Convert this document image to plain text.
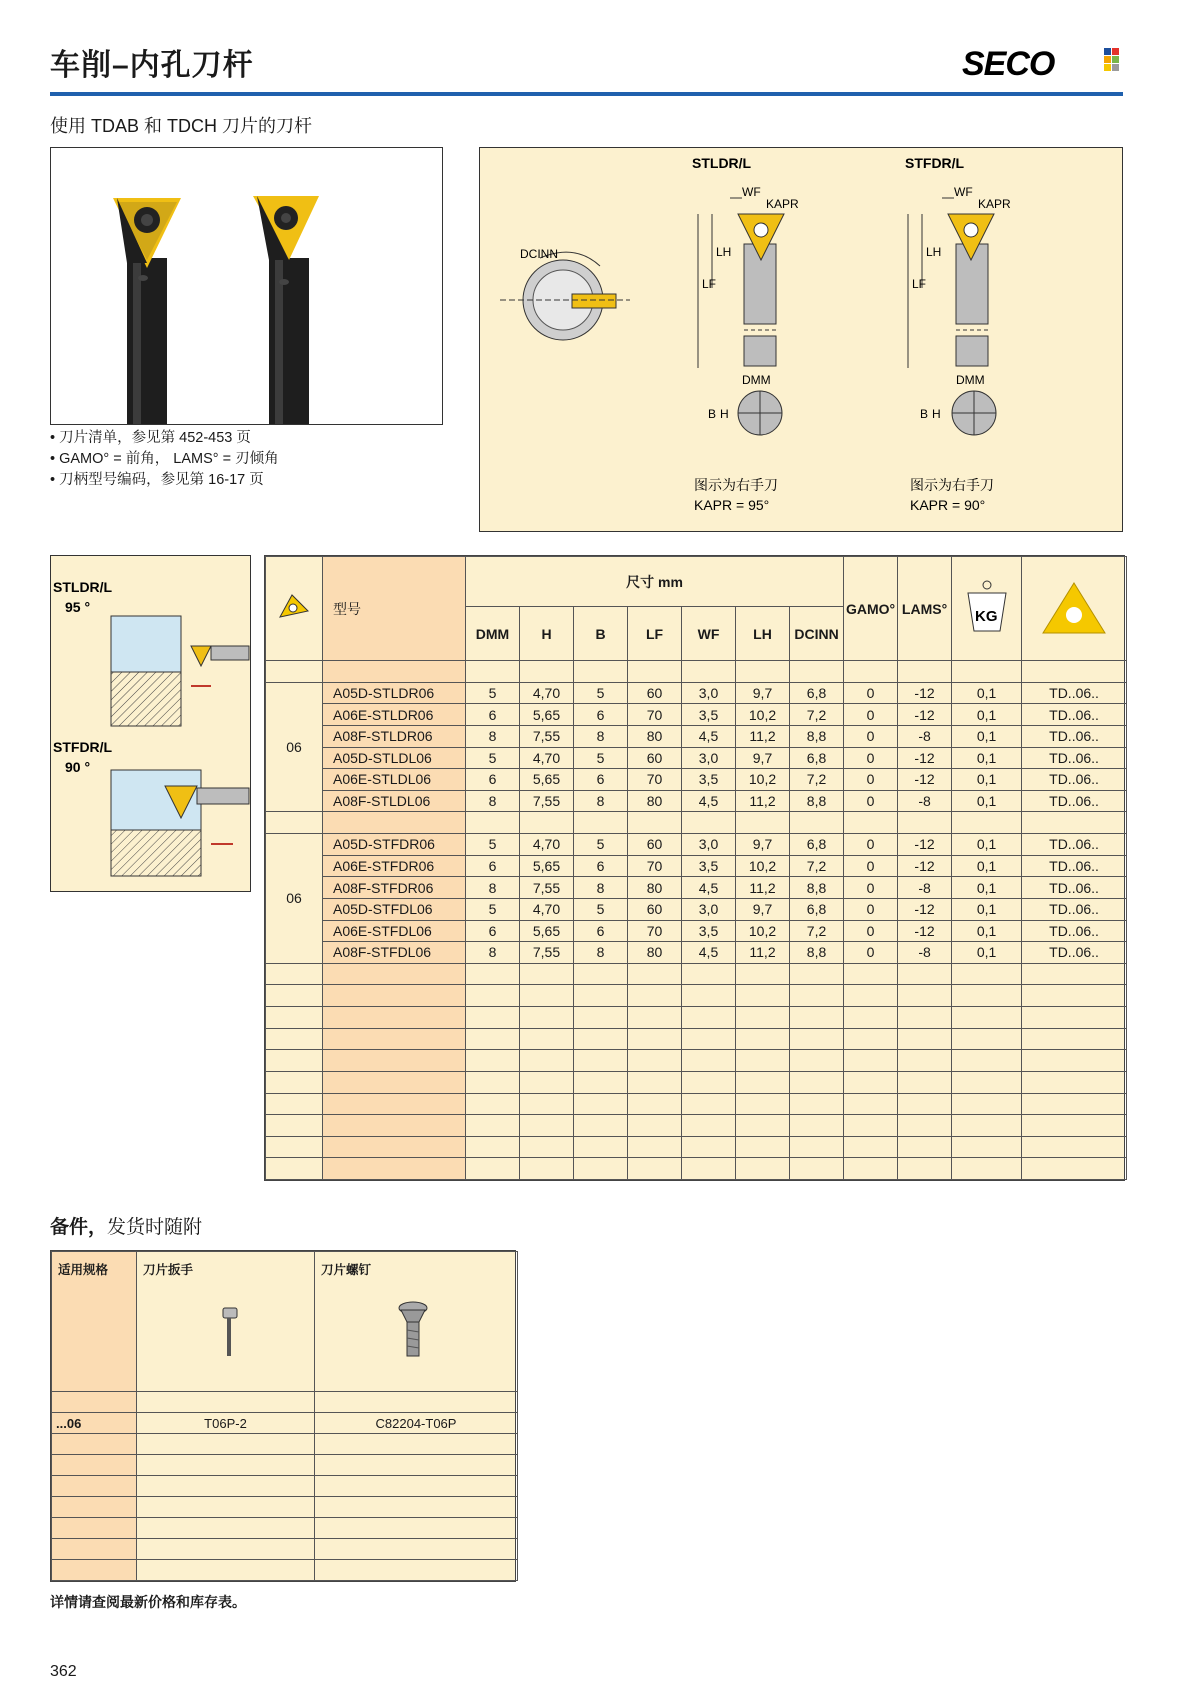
车削–内孔刀杆	SECO
使用 TDAB 和 TDCH 刀片的刀杆
• 刀片清单，参见第 452-453 页
• GAMO° = 前角， LAMS° = 刃倾角
• 刀柄型号编码，参见第 16-17 页
DCINN
STLDR/L
LH
LF
WF
KAPR
DMM
B H
图示为右手刀
KAPR = 95°
STFDR/L
LH
LF
WF
KAPR
DMM
B H
图示为右手刀
KAPR = 90°
STLDR/L
95 °
STFDR/L
90 °
	型号	尺寸 mm							GAMO°	LAMS°	KG

		DMM	H	B	LF	WF	LH	DCINN				

06	A05D-STLDR06	5	4,70	5	60	3,0	9,7	6,8	0	-12	0,1	TD..06..
	A06E-STLDR06	6	5,65	6	70	3,5	10,2	7,2	0	-12	0,1	TD..06..
	A08F-STLDR06	8	7,55	8	80	4,5	11,2	8,8	0	-8	0,1	TD..06..
	A05D-STLDL06	5	4,70	5	60	3,0	9,7	6,8	0	-12	0,1	TD..06..
	A06E-STLDL06	6	5,65	6	70	3,5	10,2	7,2	0	-12	0,1	TD..06..
	A08F-STLDL06	8	7,55	8	80	4,5	11,2	8,8	0	-8	0,1	TD..06..

06	A05D-STFDR06	5	4,70	5	60	3,0	9,7	6,8	0	-12	0,1	TD..06..
	A06E-STFDR06	6	5,65	6	70	3,5	10,2	7,2	0	-12	0,1	TD..06..
	A08F-STFDR06	8	7,55	8	80	4,5	11,2	8,8	0	-8	0,1	TD..06..
	A05D-STFDL06	5	4,70	5	60	3,0	9,7	6,8	0	-12	0,1	TD..06..
	A06E-STFDL06	6	5,65	6	70	3,5	10,2	7,2	0	-12	0,1	TD..06..
	A08F-STFDL06	8	7,55	8	80	4,5	11,2	8,8	0	-8	0,1	TD..06..

备件，发货时随附
适用规格	刀片扳手	刀片螺钉

...06	T06P-2	C82204-T06P

详情请查阅最新价格和库存表。
362
